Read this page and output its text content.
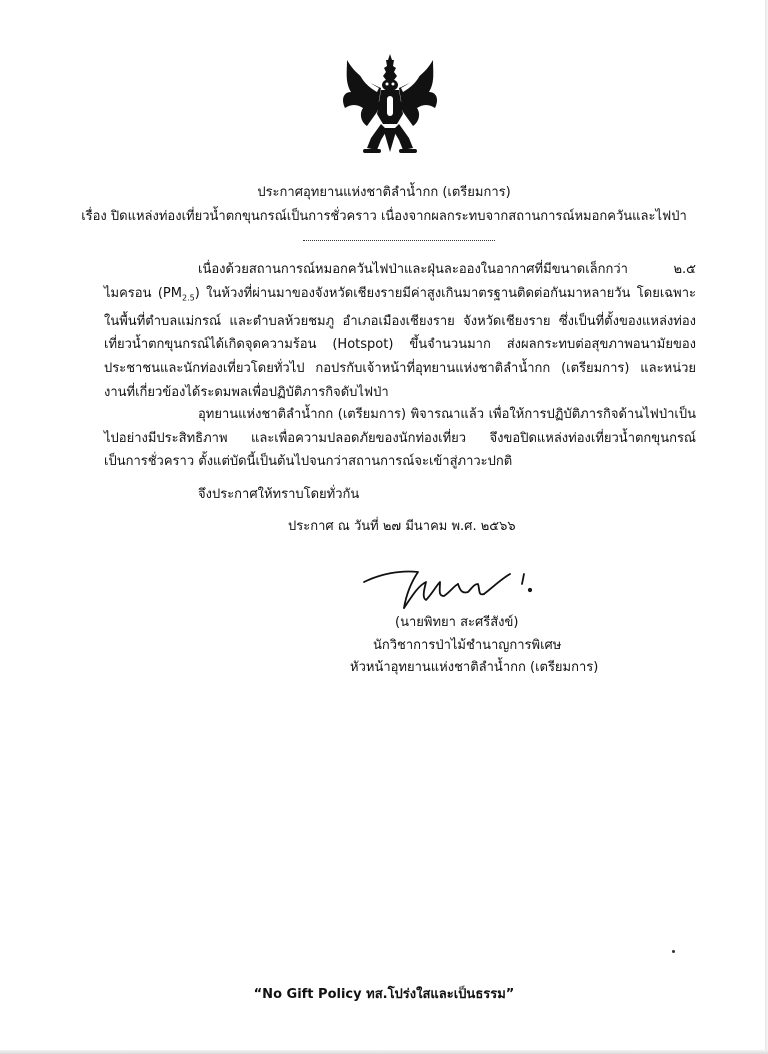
ประกาศอุทยานแห่งชาติลำน้ำกก (เตรียมการ)
เรื่อง ปิดแหล่งท่องเที่ยวน้ำตกขุนกรณ์เป็นการชั่วคราว เนื่องจากผลกระทบจากสถานการณ์หมอกควันและไฟป่า
เนื่องด้วยสถานการณ์หมอกควันไฟป่าและฝุ่นละอองในอากาศที่มีขนาดเล็กกว่า ๒.๕ ไมครอน $(PM_{2.5})$ ในห้วงที่ผ่านมาของจังหวัดเชียงรายมีค่าสูงเกินมาตรฐานติดต่อกันมาหลายวัน โดยเฉพาะในพื้นที่ตำบลแม่กรณ์ และตำบลห้วยชมภู อำเภอเมืองเชียงราย จังหวัดเชียงราย ซึ่งเป็นที่ตั้งของแหล่งท่องเที่ยวน้ำตกขุนกรณ์ได้เกิดจุดความร้อน (Hotspot) ขึ้นจำนวนมาก ส่งผลกระทบต่อสุขภาพอนามัยของประชาชนและนักท่องเที่ยวโดยทั่วไป กอปรกับเจ้าหน้าที่อุทยานแห่งชาติลำน้ำกก (เตรียมการ) และหน่วยงานที่เกี่ยวข้องได้ระดมพลเพื่อปฏิบัติภารกิจดับไฟป่า
อุทยานแห่งชาติลำน้ำกก (เตรียมการ) พิจารณาแล้ว เพื่อให้การปฏิบัติภารกิจด้านไฟป่าเป็นไปอย่างมีประสิทธิภาพ และเพื่อความปลอดภัยของนักท่องเที่ยว จึงขอปิดแหล่งท่องเที่ยวน้ำตกขุนกรณ์เป็นการชั่วคราว ตั้งแต่บัดนี้เป็นต้นไปจนกว่าสถานการณ์จะเข้าสู่ภาวะปกติ
จึงประกาศให้ทราบโดยทั่วกัน
ประกาศ ณ วันที่ ๒๗ มีนาคม พ.ศ. ๒๕๖๖
(นายพิทยา สะศรีสังข์)
นักวิชาการป่าไม้ชำนาญการพิเศษ
หัวหน้าอุทยานแห่งชาติลำน้ำกก (เตรียมการ)
“No Gift Policy ทส.โปร่งใสและเป็นธรรม”
